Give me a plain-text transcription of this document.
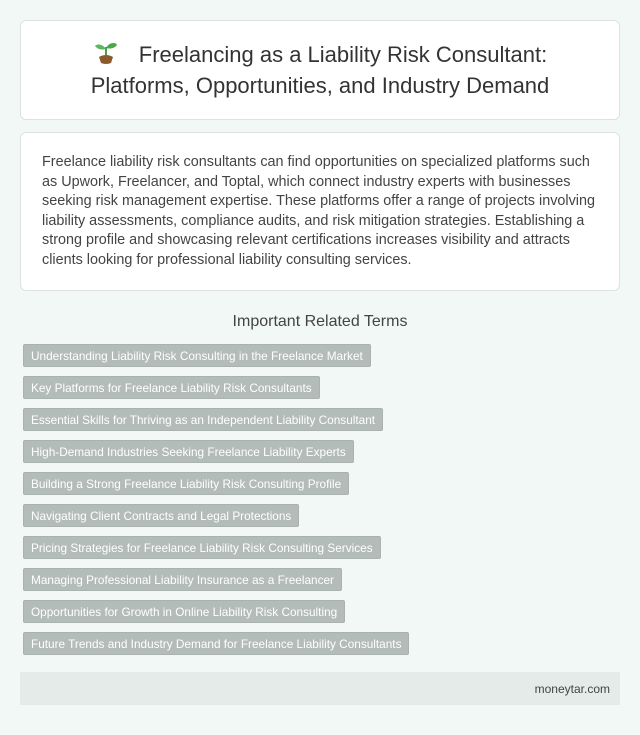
Freelancing as a Liability Risk Consultant:
Platforms, Opportunities, and Industry Demand

Freelance liability risk consultants can find opportunities on specialized platforms such as Upwork, Freelancer, and Toptal, which connect industry experts with businesses seeking risk management expertise. These platforms offer a range of projects involving liability assessments, compliance audits, and risk mitigation strategies. Establishing a strong profile and showcasing relevant certifications increases visibility and attracts clients looking for professional liability consulting services.

Important Related Terms
Understanding Liability Risk Consulting in the Freelance Market
Key Platforms for Freelance Liability Risk Consultants
Essential Skills for Thriving as an Independent Liability Consultant
High-Demand Industries Seeking Freelance Liability Experts
Building a Strong Freelance Liability Risk Consulting Profile
Navigating Client Contracts and Legal Protections
Pricing Strategies for Freelance Liability Risk Consulting Services
Managing Professional Liability Insurance as a Freelancer
Opportunities for Growth in Online Liability Risk Consulting
Future Trends and Industry Demand for Freelance Liability Consultants
moneytar.com
